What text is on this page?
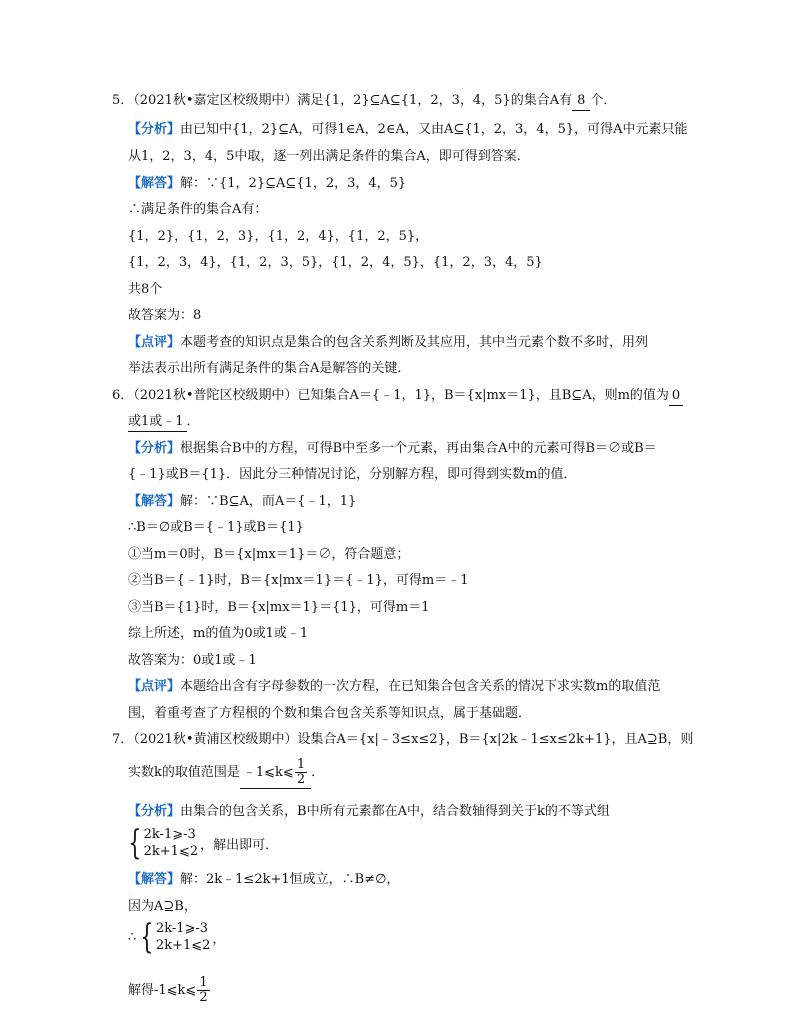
5．（2021秋•嘉定区校级期中）满足{1，2}⊆A⊆{1，2，3，4，5}的集合A有 8 个．
【分析】由已知中{1，2}⊆A，可得1∈A，2∈A，又由A⊆{1，2，3，4，5}，可得A中元素只能
从1，2，3，4，5中取，逐一列出满足条件的集合A，即可得到答案．
【解答】解：∵{1，2}⊆A⊆{1，2，3，4，5}
∴满足条件的集合A有：
{1，2}，{1，2，3}，{1，2，4}，{1，2，5}，
{1，2，3，4}，{1，2，3，5}，{1，2，4，5}，{1，2，3，4，5}
共8个
故答案为：8
【点评】本题考查的知识点是集合的包含关系判断及其应用，其中当元素个数不多时，用列
举法表示出所有满足条件的集合A是解答的关键．
6．（2021秋•普陀区校级期中）已知集合A＝{﹣1，1}，B＝{x|mx＝1}，且B⊆A，则m的值为 0
或1或﹣1 ．
【分析】根据集合B中的方程，可得B中至多一个元素，再由集合A中的元素可得B＝∅或B＝
{﹣1}或B＝{1}．因此分三种情况讨论，分别解方程，即可得到实数m的值．
【解答】解：∵B⊆A，而A＝{﹣1，1}
∴B＝∅或B＝{﹣1}或B＝{1}
①当m＝0时，B＝{x|mx＝1}＝∅，符合题意；
②当B＝{﹣1}时，B＝{x|mx＝1}＝{﹣1}，可得m＝﹣1
③当B＝{1}时，B＝{x|mx＝1}＝{1}，可得m＝1
综上所述，m的值为0或1或﹣1
故答案为：0或1或﹣1
【点评】本题给出含有字母参数的一次方程，在已知集合包含关系的情况下求实数m的取值范
围，着重考查了方程根的个数和集合包含关系等知识点，属于基础题．
7．（2021秋•黄浦区校级期中）设集合A＝{x|﹣3≤x≤2}，B＝{x|2k﹣1≤x≤2k+1}，且A⊇B，则
实数k的取值范围是 ﹣1⩽k⩽ $\frac{1}{2}$ ．
【分析】由集合的包含关系，B中所有元素都在A中，结合数轴得到关于k的不等式组
{ 2k-1⩾-3
2k+1⩽2 ，解出即可．
【解答】解：2k﹣1≤2k+1恒成立，∴B≠∅，
因为A⊇B，
∴ { 2k-1⩾-3
2k+1⩽2 ，
解得-1⩽k⩽ $\frac{1}{2}$
